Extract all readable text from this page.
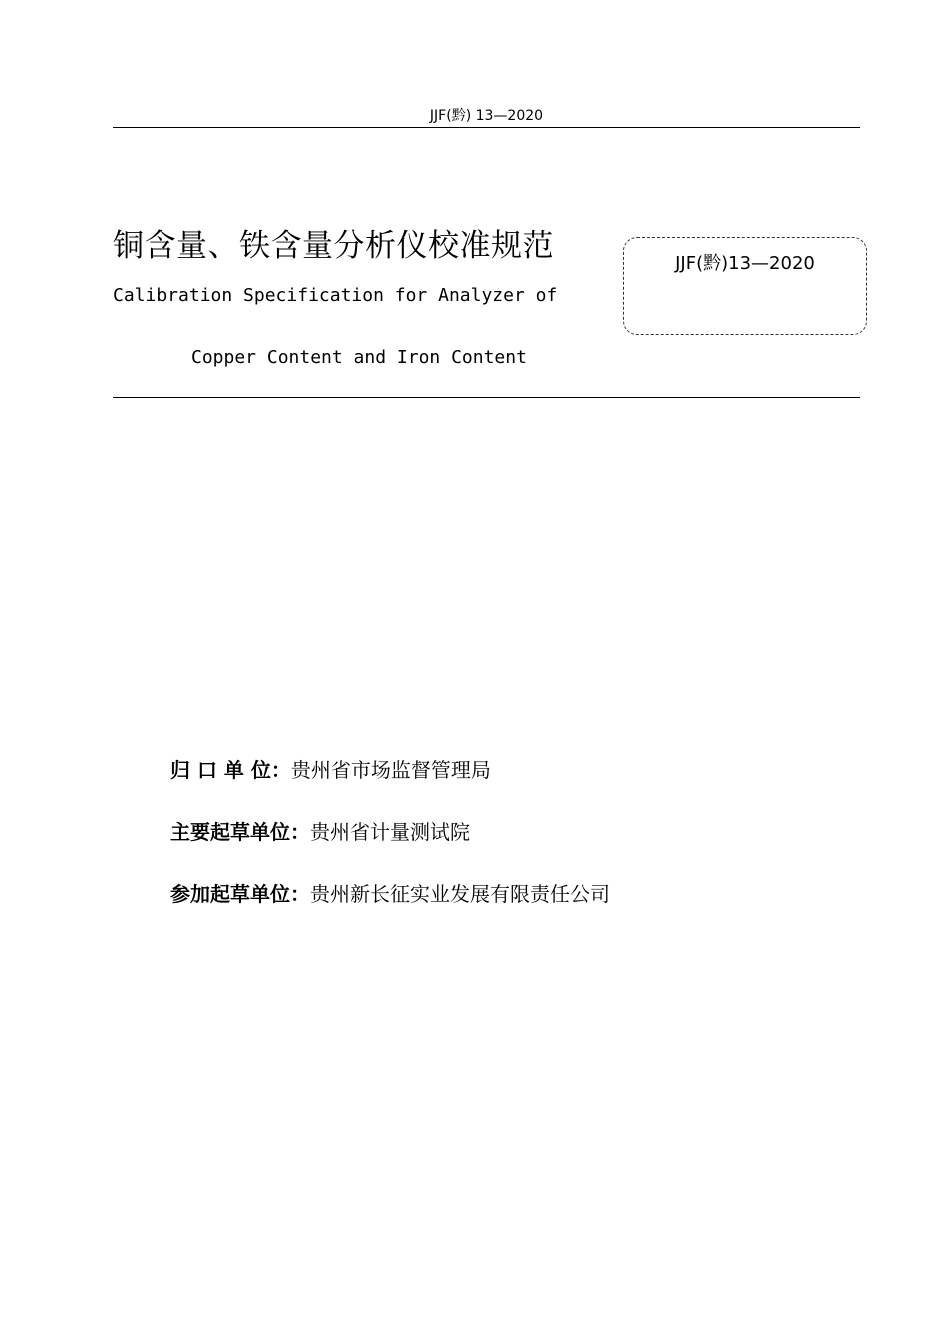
JJF(黔) 13—2020
铜含量、铁含量分析仪校准规范
Calibration Specification for Analyzer of
Copper Content and Iron Content
JJF(黔)13—2020
归 口 单 位：贵州省市场监督管理局
主要起草单位：贵州省计量测试院
参加起草单位：贵州新长征实业发展有限责任公司
